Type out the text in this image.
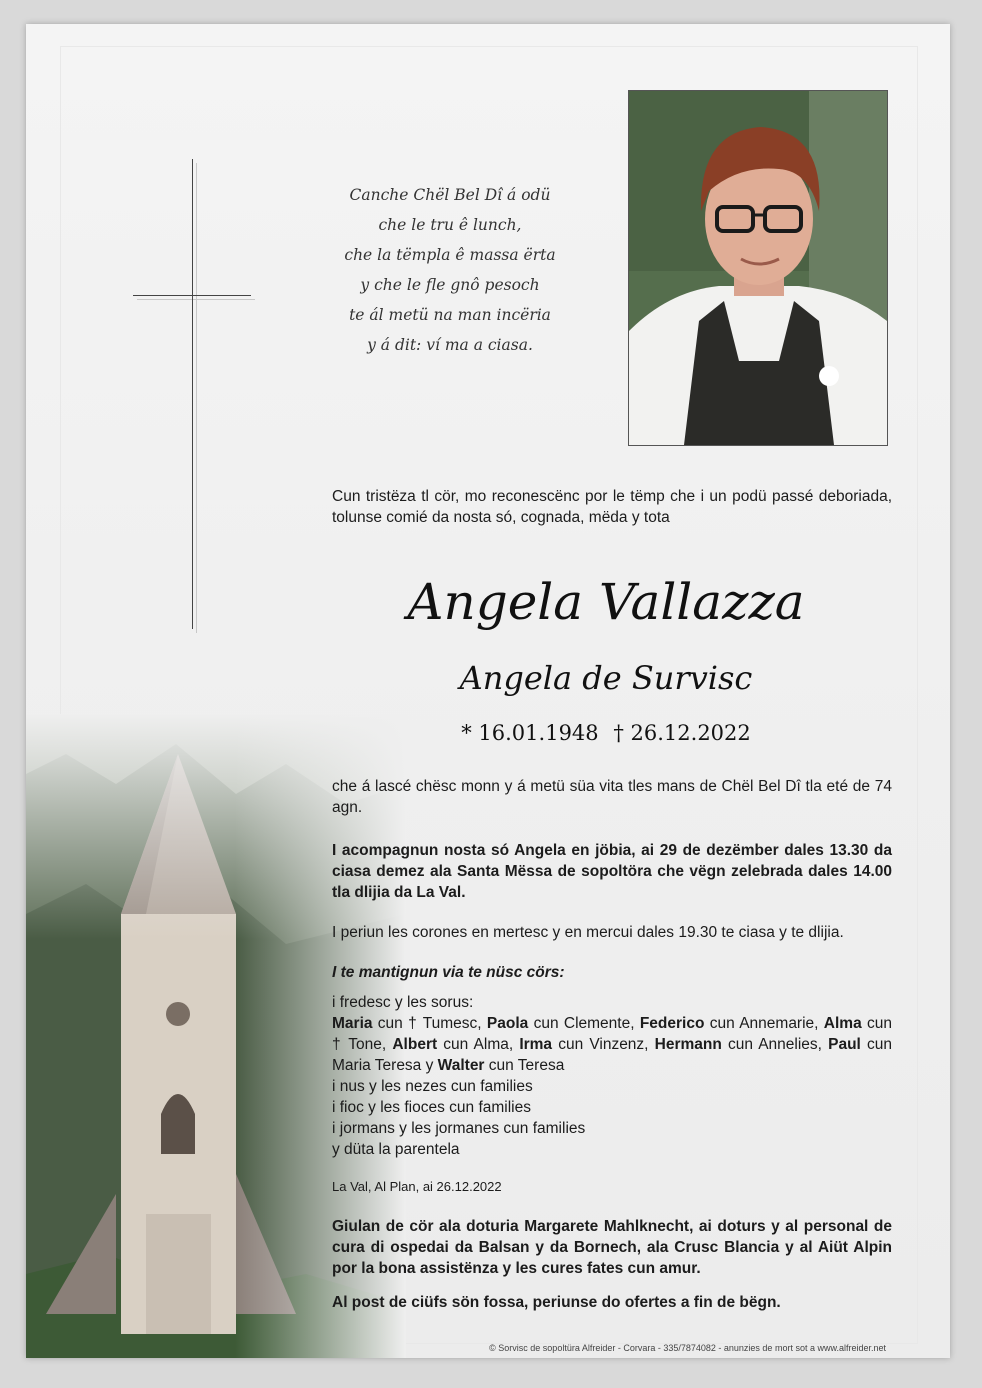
Canche Chël Bel Dî á odü
che le tru ê lunch,
che la tëmpla ê massa ërta
y che le fle gnô pesoch
te ál metü na man incëria
y á dit: ví ma a ciasa.
Cun tristëza tl cör, mo reconescënc por le tëmp che i un podü passé deboriada, tolunse comié da nosta só, cognada, mëda y tota
Angela Vallazza
Angela de Survisc
* 16.01.1948 † 26.12.2022
che á lascé chësc monn y á metü süa vita tles mans de Chël Bel Dî tla eté de 74 agn.
I acompagnun nosta só Angela en jöbia, ai 29 de dezëmber dales 13.30 da ciasa demez ala Santa Mëssa de sopoltöra che vëgn zelebrada dales 14.00 tla dlijia da La Val.
I periun les corones en mertesc y en mercui dales 19.30 te ciasa y te dlijia.
I te mantignun via te nüsc cörs:
i fredesc y les sorus:
Maria cun † Tumesc, Paola cun Clemente, Federico cun Annemarie, Alma cun † Tone, Albert cun Alma, Irma cun Vinzenz, Hermann cun Annelies, Paul cun Maria Teresa y Walter cun Teresa
i nus y les nezes cun families
i fioc y les fioces cun families
i jormans y les jormanes cun families
y düta la parentela
La Val, Al Plan, ai 26.12.2022
Giulan de cör ala doturia Margarete Mahlknecht, ai doturs y al personal de cura di ospedai da Balsan y da Bornech, ala Crusc Blancia y al Aiüt Alpin por la bona assistënza y les cures fates cun amur.
Al post de ciüfs sön fossa, periunse do ofertes a fin de bëgn.
© Sorvisc de sopoltüra Alfreider - Corvara - 335/7874082 - anunzies de mort sot a www.alfreider.net
